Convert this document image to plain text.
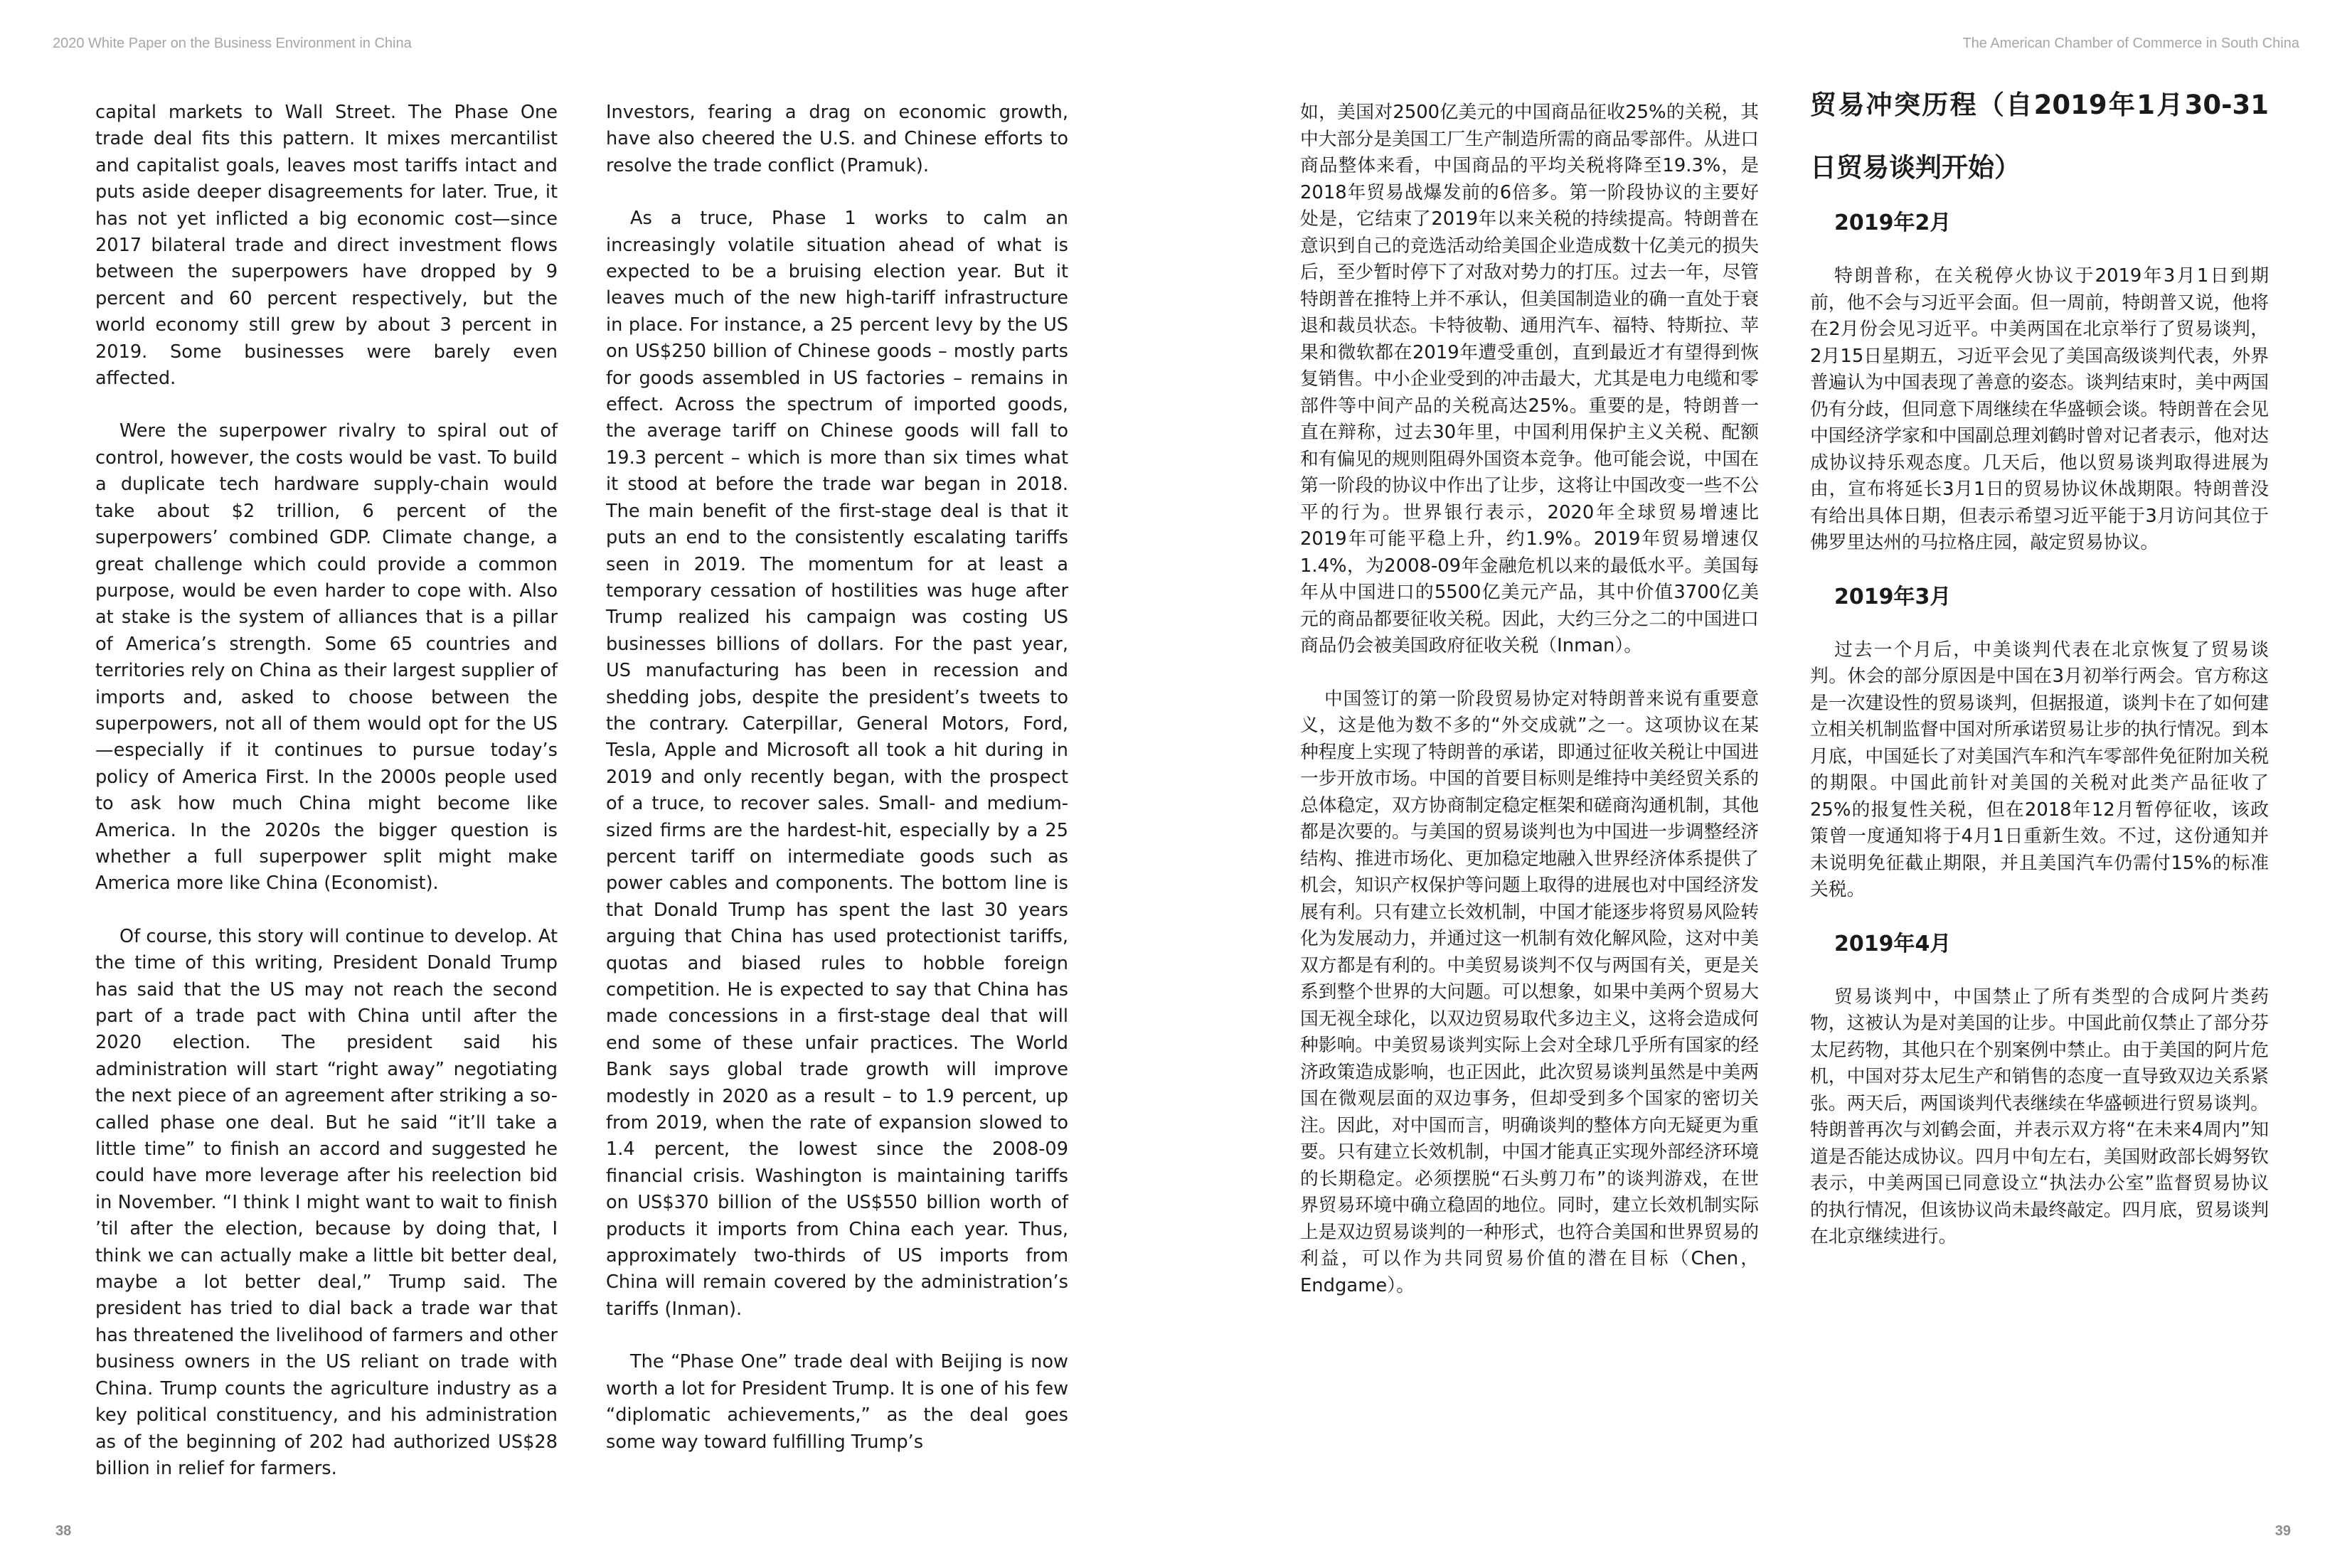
2020 White Paper on the Business Environment in China	The American Chamber of Commerce in South China

capital markets to Wall Street. The Phase One trade deal fits this pattern. It mixes mercantilist and capitalist goals, leaves most tariffs intact and puts aside deeper disagreements for later. True, it has not yet inflicted a big economic cost—since 2017 bilateral trade and direct investment flows between the superpowers have dropped by 9 percent and 60 percent respectively, but the world economy still grew by about 3 percent in 2019. Some businesses were barely even affected.

Were the superpower rivalry to spiral out of control, however, the costs would be vast. To build a duplicate tech hardware supply-chain would take about $2 trillion, 6 percent of the superpowers’ combined GDP. Climate change, a great challenge which could provide a common purpose, would be even harder to cope with. Also at stake is the system of alliances that is a pillar of America’s strength. Some 65 countries and territories rely on China as their largest supplier of imports and, asked to choose between the superpowers, not all of them would opt for the US—especially if it continues to pursue today’s policy of America First. In the 2000s people used to ask how much China might become like America. In the 2020s the bigger question is whether a full superpower split might make America more like China (Economist).

Of course, this story will continue to develop. At the time of this writing, President Donald Trump has said that the US may not reach the second part of a trade pact with China until after the 2020 election. The president said his administration will start “right away” negotiating the next piece of an agreement after striking a so-called phase one deal. But he said “it’ll take a little time” to finish an accord and suggested he could have more leverage after his reelection bid in November. “I think I might want to wait to finish ’til after the election, because by doing that, I think we can actually make a little bit better deal, maybe a lot better deal,” Trump said. The president has tried to dial back a trade war that has threatened the livelihood of farmers and other business owners in the US reliant on trade with China. Trump counts the agriculture industry as a key political constituency, and his administration as of the beginning of 202 had authorized US$28 billion in relief for farmers.

Investors, fearing a drag on economic growth, have also cheered the U.S. and Chinese efforts to resolve the trade conflict (Pramuk).

As a truce, Phase 1 works to calm an increasingly volatile situation ahead of what is expected to be a bruising election year. But it leaves much of the new high-tariff infrastructure in place. For instance, a 25 percent levy by the US on US$250 billion of Chinese goods – mostly parts for goods assembled in US factories – remains in effect. Across the spectrum of imported goods, the average tariff on Chinese goods will fall to 19.3 percent – which is more than six times what it stood at before the trade war began in 2018. The main benefit of the first-stage deal is that it puts an end to the consistently escalating tariffs seen in 2019. The momentum for at least a temporary cessation of hostilities was huge after Trump realized his campaign was costing US businesses billions of dollars. For the past year, US manufacturing has been in recession and shedding jobs, despite the president’s tweets to the contrary. Caterpillar, General Motors, Ford, Tesla, Apple and Microsoft all took a hit during in 2019 and only recently began, with the prospect of a truce, to recover sales. Small- and medium-sized firms are the hardest-hit, especially by a 25 percent tariff on intermediate goods such as power cables and components. The bottom line is that Donald Trump has spent the last 30 years arguing that China has used protectionist tariffs, quotas and biased rules to hobble foreign competition. He is expected to say that China has made concessions in a first-stage deal that will end some of these unfair practices. The World Bank says global trade growth will improve modestly in 2020 as a result – to 1.9 percent, up from 2019, when the rate of expansion slowed to 1.4 percent, the lowest since the 2008-09 financial crisis. Washington is maintaining tariffs on US$370 billion of the US$550 billion worth of products it imports from China each year. Thus, approximately two-thirds of US imports from China will remain covered by the administration’s tariffs (Inman).

The “Phase One” trade deal with Beijing is now worth a lot for President Trump. It is one of his few “diplomatic achievements,” as the deal goes some way toward fulfilling Trump’s

如，美国对2500亿美元的中国商品征收25%的关税，其中大部分是美国工厂生产制造所需的商品零部件。从进口商品整体来看，中国商品的平均关税将降至19.3%，是2018年贸易战爆发前的6倍多。第一阶段协议的主要好处是，它结束了2019年以来关税的持续提高。特朗普在意识到自己的竞选活动给美国企业造成数十亿美元的损失后，至少暂时停下了对敌对势力的打压。过去一年，尽管特朗普在推特上并不承认，但美国制造业的确一直处于衰退和裁员状态。卡特彼勒、通用汽车、福特、特斯拉、苹果和微软都在2019年遭受重创，直到最近才有望得到恢复销售。中小企业受到的冲击最大，尤其是电力电缆和零部件等中间产品的关税高达25%。重要的是，特朗普一直在辩称，过去30年里，中国利用保护主义关税、配额和有偏见的规则阻碍外国资本竞争。他可能会说，中国在第一阶段的协议中作出了让步，这将让中国改变一些不公平的行为。世界银行表示，2020年全球贸易增速比2019年可能平稳上升，约1.9%。2019年贸易增速仅1.4%，为2008-09年金融危机以来的最低水平。美国每年从中国进口的5500亿美元产品，其中价值3700亿美元的商品都要征收关税。因此，大约三分之二的中国进口商品仍会被美国政府征收关税（Inman）。

中国签订的第一阶段贸易协定对特朗普来说有重要意义，这是他为数不多的“外交成就”之一。这项协议在某种程度上实现了特朗普的承诺，即通过征收关税让中国进一步开放市场。中国的首要目标则是维持中美经贸关系的总体稳定，双方协商制定稳定框架和磋商沟通机制，其他都是次要的。与美国的贸易谈判也为中国进一步调整经济结构、推进市场化、更加稳定地融入世界经济体系提供了机会，知识产权保护等问题上取得的进展也对中国经济发展有利。只有建立长效机制，中国才能逐步将贸易风险转化为发展动力，并通过这一机制有效化解风险，这对中美双方都是有利的。中美贸易谈判不仅与两国有关，更是关系到整个世界的大问题。可以想象，如果中美两个贸易大国无视全球化，以双边贸易取代多边主义，这将会造成何种影响。中美贸易谈判实际上会对全球几乎所有国家的经济政策造成影响，也正因此，此次贸易谈判虽然是中美两国在微观层面的双边事务，但却受到多个国家的密切关注。因此，对中国而言，明确谈判的整体方向无疑更为重要。只有建立长效机制，中国才能真正实现外部经济环境的长期稳定。必须摆脱“石头剪刀布”的谈判游戏，在世界贸易环境中确立稳固的地位。同时，建立长效机制实际上是双边贸易谈判的一种形式，也符合美国和世界贸易的利益，可以作为共同贸易价值的潜在目标（Chen，Endgame）。

贸易冲突历程（自2019年1月30-31日贸易谈判开始）
2019年2月

特朗普称，在关税停火协议于2019年3月1日到期前，他不会与习近平会面。但一周前，特朗普又说，他将在2月份会见习近平。中美两国在北京举行了贸易谈判，2月15日星期五，习近平会见了美国高级谈判代表，外界普遍认为中国表现了善意的姿态。谈判结束时，美中两国仍有分歧，但同意下周继续在华盛顿会谈。特朗普在会见中国经济学家和中国副总理刘鹤时曾对记者表示，他对达成协议持乐观态度。几天后，他以贸易谈判取得进展为由，宣布将延长3月1日的贸易协议休战期限。特朗普没有给出具体日期，但表示希望习近平能于3月访问其位于佛罗里达州的马拉格庄园，敲定贸易协议。

2019年3月

过去一个月后，中美谈判代表在北京恢复了贸易谈判。休会的部分原因是中国在3月初举行两会。官方称这是一次建设性的贸易谈判，但据报道，谈判卡在了如何建立相关机制监督中国对所承诺贸易让步的执行情况。到本月底，中国延长了对美国汽车和汽车零部件免征附加关税的期限。中国此前针对美国的关税对此类产品征收了25%的报复性关税，但在2018年12月暂停征收，该政策曾一度通知将于4月1日重新生效。不过，这份通知并未说明免征截止期限，并且美国汽车仍需付15%的标准关税。

2019年4月

贸易谈判中，中国禁止了所有类型的合成阿片类药物，这被认为是对美国的让步。中国此前仅禁止了部分芬太尼药物，其他只在个别案例中禁止。由于美国的阿片危机，中国对芬太尼生产和销售的态度一直导致双边关系紧张。两天后，两国谈判代表继续在华盛顿进行贸易谈判。特朗普再次与刘鹤会面，并表示双方将“在未来4周内”知道是否能达成协议。四月中旬左右，美国财政部长姆努钦表示，中美两国已同意设立“执法办公室”监督贸易协议的执行情况，但该协议尚未最终敲定。四月底，贸易谈判在北京继续进行。

38	39
